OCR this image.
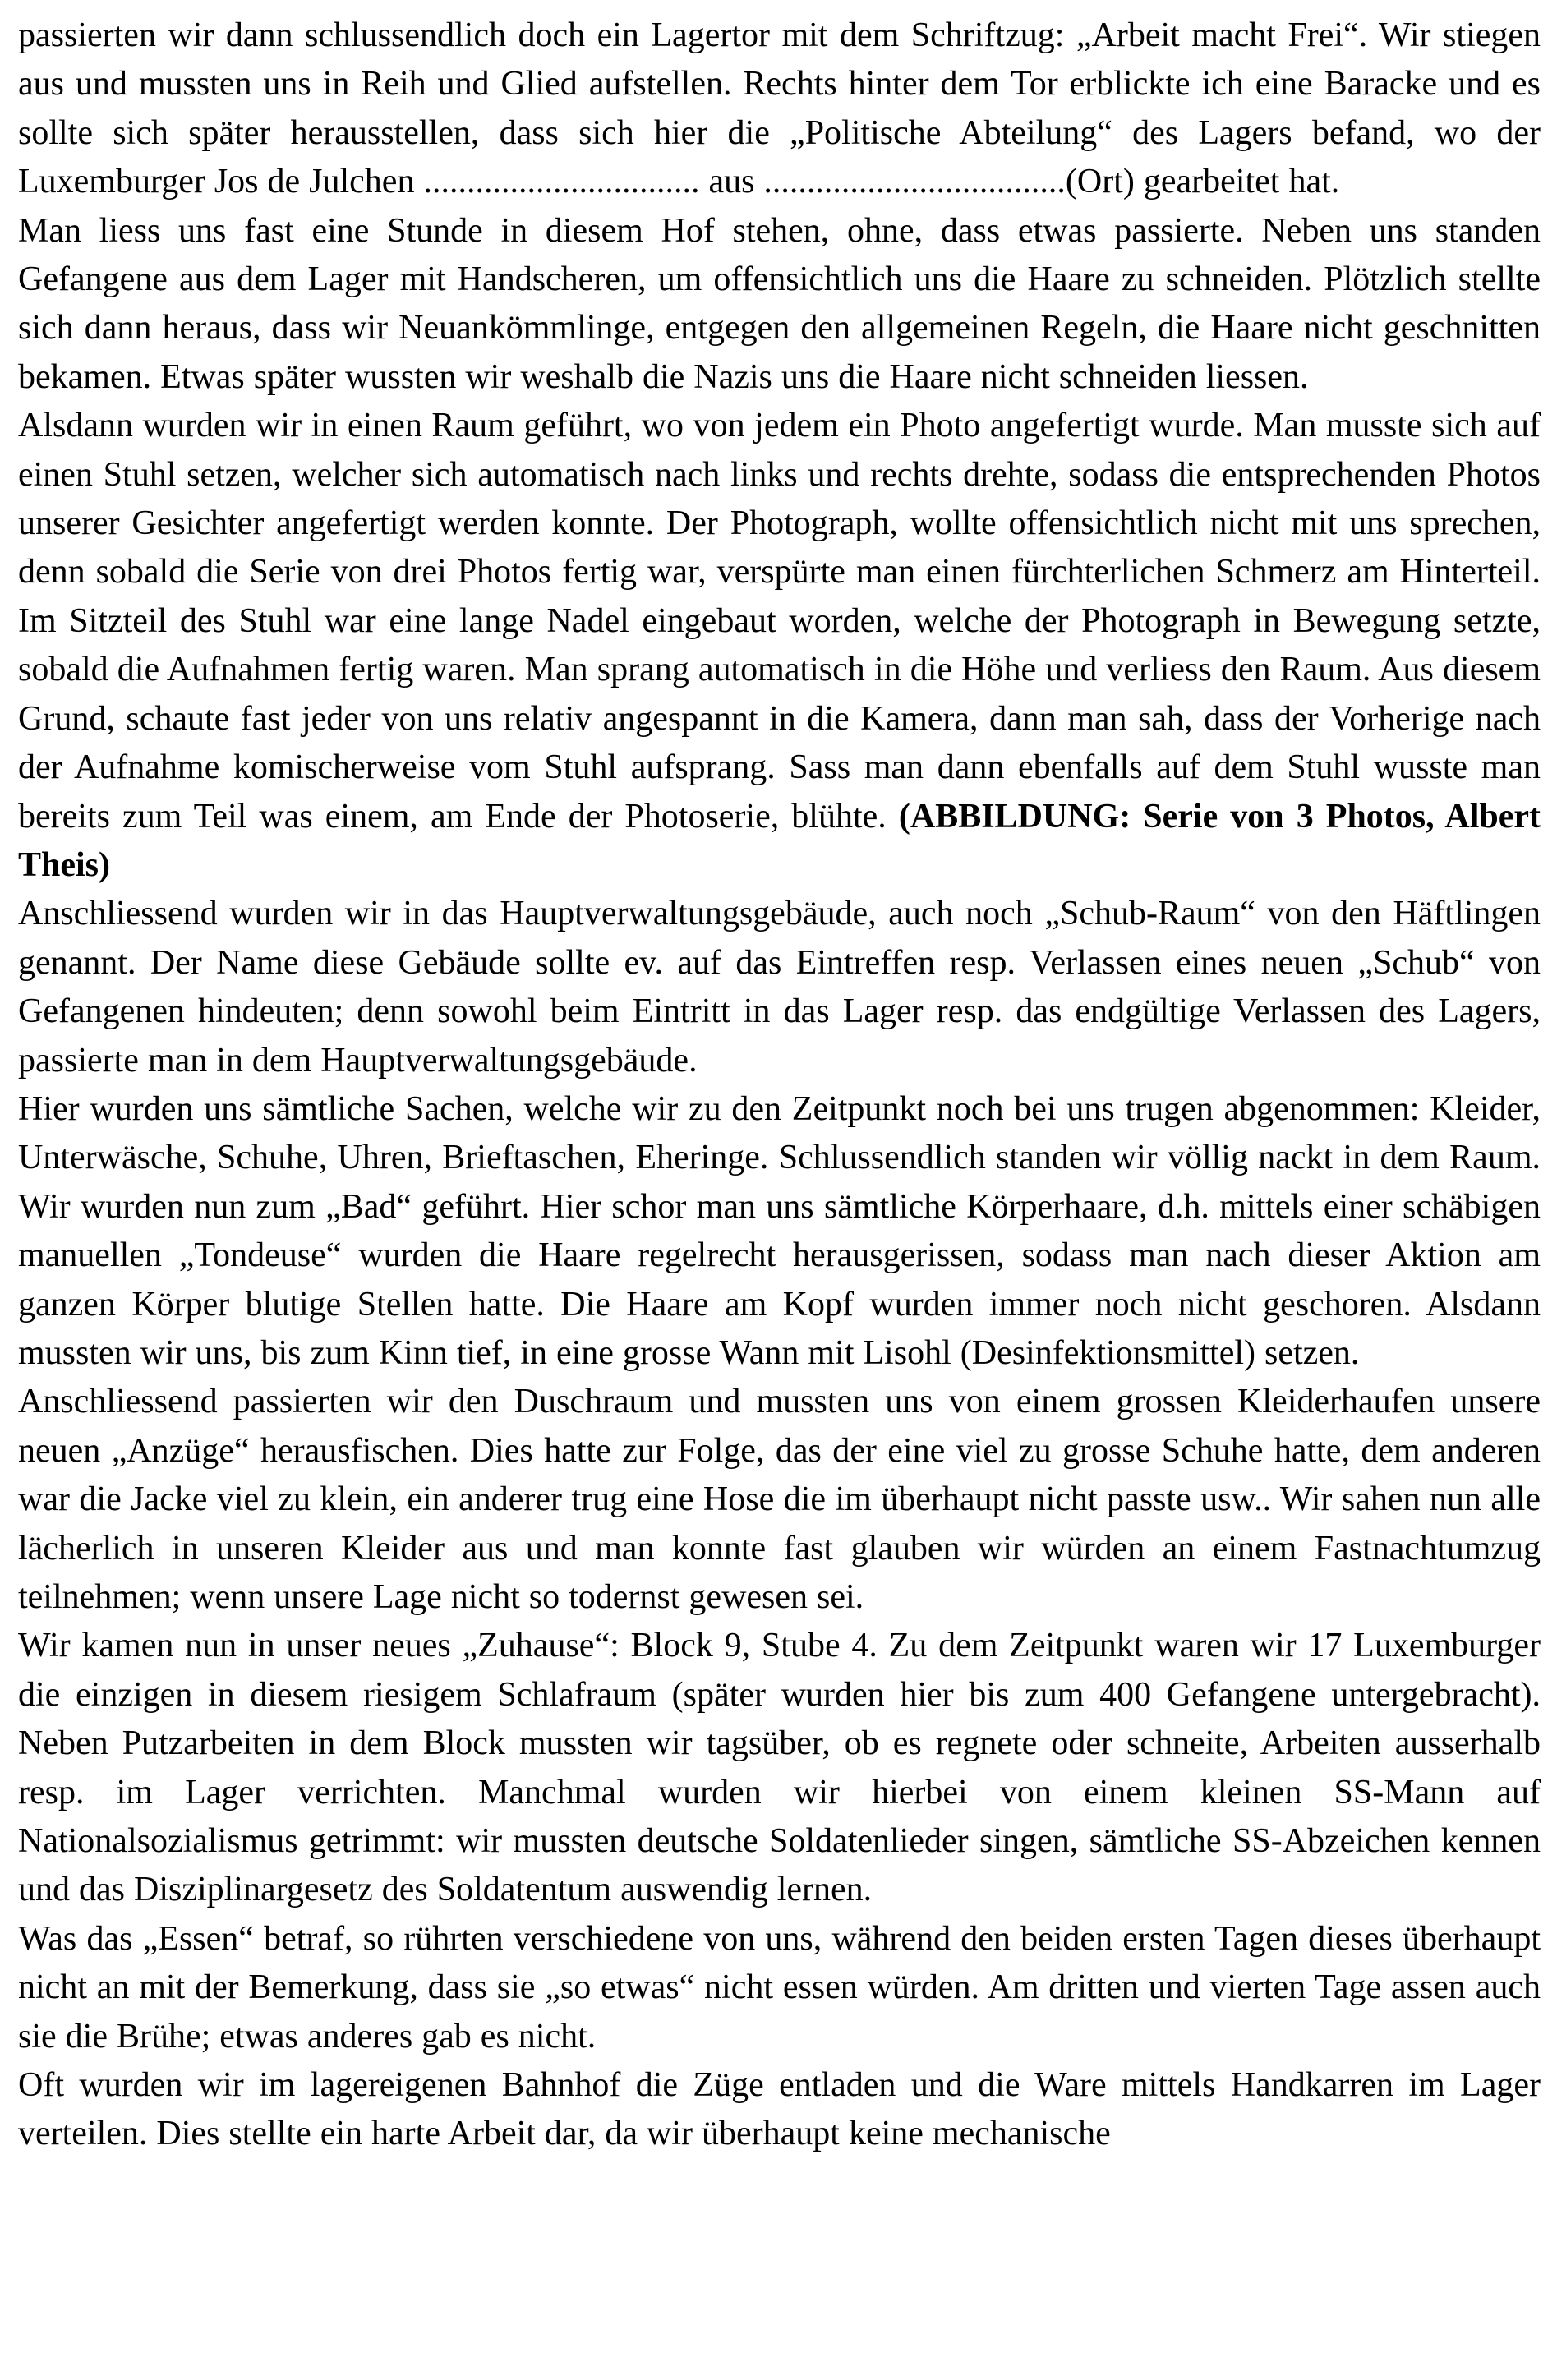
passierten wir dann schlussendlich doch ein Lagertor mit dem Schriftzug: „Arbeit macht Frei“. Wir stiegen aus und mussten uns in Reih und Glied aufstellen. Rechts hinter dem Tor erblickte ich eine Baracke und es sollte sich später herausstellen, dass sich hier die „Politische Abteilung“ des Lagers befand, wo der Luxemburger Jos de Julchen ................................ aus ...................................(Ort) gearbeitet hat.

Man liess uns fast eine Stunde in diesem Hof stehen, ohne, dass etwas passierte. Neben uns standen Gefangene aus dem Lager mit Handscheren, um offensichtlich uns die Haare zu schneiden. Plötzlich stellte sich dann heraus, dass wir Neuankömmlinge, entgegen den allgemeinen Regeln, die Haare nicht geschnitten bekamen. Etwas später wussten wir weshalb die Nazis uns die Haare nicht schneiden liessen.

Alsdann wurden wir in einen Raum geführt, wo von jedem ein Photo angefertigt wurde. Man musste sich auf einen Stuhl setzen, welcher sich automatisch nach links und rechts drehte, sodass die entsprechenden Photos unserer Gesichter angefertigt werden konnte. Der Photograph, wollte offensichtlich nicht mit uns sprechen, denn sobald die Serie von drei Photos fertig war, verspürte man einen fürchterlichen Schmerz am Hinterteil. Im Sitzteil des Stuhl war eine lange Nadel eingebaut worden, welche der Photograph in Bewegung setzte, sobald die Aufnahmen fertig waren. Man sprang automatisch in die Höhe und verliess den Raum. Aus diesem Grund, schaute fast jeder von uns relativ angespannt in die Kamera, dann man sah, dass der Vorherige nach der Aufnahme komischerweise vom Stuhl aufsprang. Sass man dann ebenfalls auf dem Stuhl wusste man bereits zum Teil was einem, am Ende der Photoserie, blühte. (ABBILDUNG: Serie von 3 Photos, Albert Theis)

Anschliessend wurden wir in das Hauptverwaltungsgebäude, auch noch „Schub-Raum“ von den Häftlingen genannt. Der Name diese Gebäude sollte ev. auf das Eintreffen resp. Verlassen eines neuen „Schub“ von Gefangenen hindeuten; denn sowohl beim Eintritt in das Lager resp. das endgültige Verlassen des Lagers, passierte man in dem Hauptverwaltungsgebäude.

Hier wurden uns sämtliche Sachen, welche wir zu den Zeitpunkt noch bei uns trugen abgenommen: Kleider, Unterwäsche, Schuhe, Uhren, Brieftaschen, Eheringe. Schlussendlich standen wir völlig nackt in dem Raum. Wir wurden nun zum „Bad“ geführt. Hier schor man uns sämtliche Körperhaare, d.h. mittels einer schäbigen manuellen „Tondeuse“ wurden die Haare regelrecht herausgerissen, sodass man nach dieser Aktion am ganzen Körper blutige Stellen hatte. Die Haare am Kopf wurden immer noch nicht geschoren. Alsdann mussten wir uns, bis zum Kinn tief, in eine grosse Wann mit Lisohl (Desinfektionsmittel) setzen.

Anschliessend passierten wir den Duschraum und mussten uns von einem grossen Kleiderhaufen unsere neuen „Anzüge“ herausfischen. Dies hatte zur Folge, das der eine viel zu grosse Schuhe hatte, dem anderen war die Jacke viel zu klein, ein anderer trug eine Hose die im überhaupt nicht passte usw.. Wir sahen nun alle lächerlich in unseren Kleider aus und man konnte fast glauben wir würden an einem Fastnachtumzug teilnehmen; wenn unsere Lage nicht so todernst gewesen sei.

Wir kamen nun in unser neues „Zuhause“: Block 9, Stube 4. Zu dem Zeitpunkt waren wir 17 Luxemburger die einzigen in diesem riesigem Schlafraum (später wurden hier bis zum 400 Gefangene untergebracht). Neben Putzarbeiten in dem Block mussten wir tagsüber, ob es regnete oder schneite, Arbeiten ausserhalb resp. im Lager verrichten. Manchmal wurden wir hierbei von einem kleinen SS-Mann auf Nationalsozialismus getrimmt: wir mussten deutsche Soldatenlieder singen, sämtliche SS-Abzeichen kennen und das Disziplinargesetz des Soldatentum auswendig lernen.

Was das „Essen“ betraf, so rührten verschiedene von uns, während den beiden ersten Tagen dieses überhaupt nicht an mit der Bemerkung, dass sie „so etwas“ nicht essen würden. Am dritten und vierten Tage assen auch sie die Brühe; etwas anderes gab es nicht.

Oft wurden wir im lagereigenen Bahnhof die Züge entladen und die Ware mittels Handkarren im Lager verteilen. Dies stellte ein harte Arbeit dar, da wir überhaupt keine mechanische
